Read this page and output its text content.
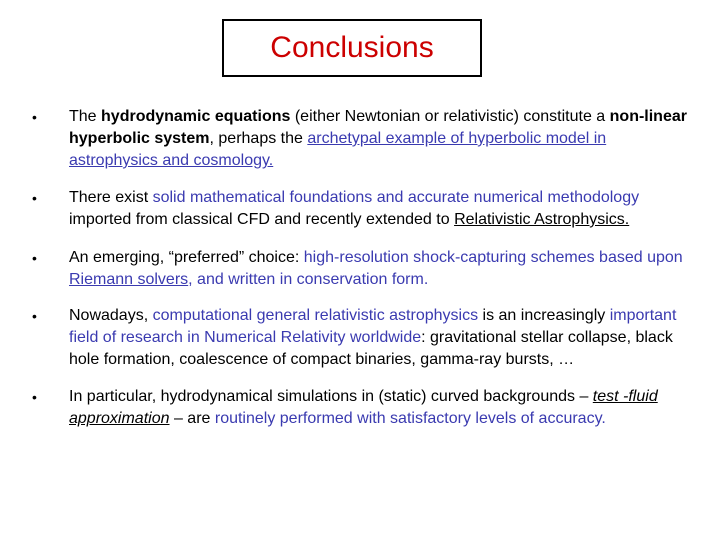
Conclusions
• The hydrodynamic equations (either Newtonian or relativistic) constitute a non-linear hyperbolic system, perhaps the archetypal example of hyperbolic model in astrophysics and cosmology.
• There exist solid mathematical foundations and accurate numerical methodology imported from classical CFD and recently extended to Relativistic Astrophysics.
• An emerging, “preferred” choice: high-resolution shock-capturing schemes based upon Riemann solvers, and written in conservation form.
• Nowadays, computational general relativistic astrophysics is an increasingly important field of research in Numerical Relativity worldwide: gravitational stellar collapse, black hole formation, coalescence of compact binaries, gamma-ray bursts, …
• In particular, hydrodynamical simulations in (static) curved backgrounds – test -fluid approximation – are routinely performed with satisfactory levels of accuracy.
